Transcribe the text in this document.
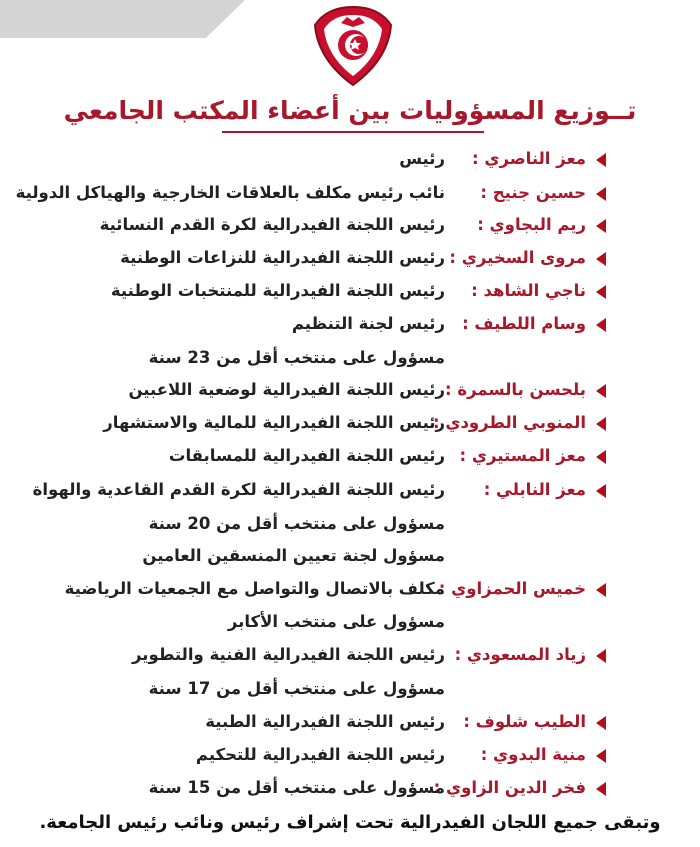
تــوزيع المسؤوليات بين أعضاء المكتب الجامعي
معز الناصري :
رئيس
حسين جنيح :
نائب رئيس مكلف بالعلاقات الخارجية والهياكل الدولية
ريم البجاوي :
رئيس اللجنة الفيدرالية لكرة القدم النسائية
مروى السخيري :
رئيس اللجنة الفيدرالية للنزاعات الوطنية
ناجي الشاهد :
رئيس اللجنة الفيدرالية للمنتخبات الوطنية
وسام اللطيف :
رئيس لجنة التنظيم
مسؤول على منتخب أقل من 23 سنة
بلحسن بالسمرة :
رئيس اللجنة الفيدرالية لوضعية اللاعبين
المنوبي الطرودي :
رئيس اللجنة الفيدرالية للمالية والاستشهار
معز المستيري :
رئيس اللجنة الفيدرالية للمسابقات
معز النابلي :
رئيس اللجنة الفيدرالية لكرة القدم القاعدية والهواة
مسؤول على منتخب أقل من 20 سنة
مسؤول لجنة تعيين المنسقين العامين
خميس الحمزاوي :
مكلف بالاتصال والتواصل مع الجمعيات الرياضية
مسؤول على منتخب الأكابر
زياد المسعودي :
رئيس اللجنة الفيدرالية الفنية والتطوير
مسؤول على منتخب أقل من 17 سنة
الطيب شلوف :
رئيس اللجنة الفيدرالية الطبية
منية البدوي :
رئيس اللجنة الفيدرالية للتحكيم
فخر الدين الزاوي :
مسؤول على منتخب أقل من 15 سنة
وتبقى جميع اللجان الفيدرالية تحت إشراف رئيس ونائب رئيس الجامعة.
